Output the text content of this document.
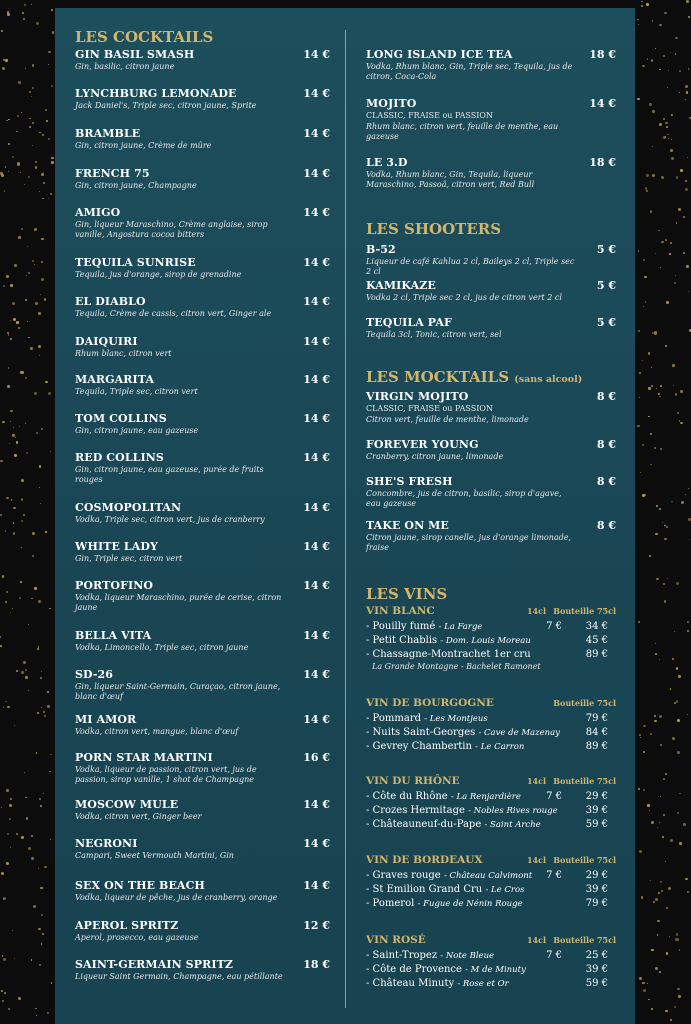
LES COCKTAILS
GIN BASIL SMASH	14 €
Gin, basilic, citron jaune
LYNCHBURG LEMONADE	14 €
Jack Daniel's, Triple sec, citron jaune, Sprite
BRAMBLE	14 €
Gin, citron jaune, Crème de mûre
FRENCH 75	14 €
Gin, citron jaune, Champagne
AMIGO	14 €
Gin, liqueur Maraschino, Crème anglaise, sirop vanille, Angostura cocoa bitters
TEQUILA SUNRISE	14 €
Tequila, jus d'orange, sirop de grenadine
EL DIABLO	14 €
Tequila, Crème de cassis, citron vert, Ginger ale
DAIQUIRI	14 €
Rhum blanc, citron vert
MARGARITA	14 €
Tequila, Triple sec, citron vert
TOM COLLINS	14 €
Gin, citron jaune, eau gazeuse
RED COLLINS	14 €
Gin, citron jaune, eau gazeuse, purée de fruits rouges
COSMOPOLITAN	14 €
Vodka, Triple sec, citron vert, jus de cranberry
WHITE LADY	14 €
Gin, Triple sec, citron vert
PORTOFINO	14 €
Vodka, liqueur Maraschino, purée de cerise, citron jaune
BELLA VITA	14 €
Vodka, Limoncello, Triple sec, citron jaune
SD-26	14 €
Gin, liqueur Saint-Germain, Curaçao, citron jaune, blanc d'œuf
MI AMOR	14 €
Vodka, citron vert, mangue, blanc d'œuf
PORN STAR MARTINI	16 €
Vodka, liqueur de passion, citron vert, jus de passion, sirop vanille, 1 shot de Champagne
MOSCOW MULE	14 €
Vodka, citron vert, Ginger beer
NEGRONI	14 €
Campari, Sweet Vermouth Martini, Gin
SEX ON THE BEACH	14 €
Vodka, liqueur de pêche, jus de cranberry, orange
APEROL SPRITZ	12 €
Aperol, prosecco, eau gazeuse
SAINT-GERMAIN SPRITZ	18 €
Liqueur Saint Germain, Champagne, eau pétillante
LONG ISLAND ICE TEA	18 €
Vodka, Rhum blanc, Gin, Triple sec, Tequila, jus de citron, Coca-Cola
MOJITO	14 €
CLASSIC, FRAISE ou PASSION
Rhum blanc, citron vert, feuille de menthe, eau gazeuse
LE 3.D	18 €
Vodka, Rhum blanc, Gin, Tequila, liqueur Maraschino, Passoã, citron vert, Red Bull
LES SHOOTERS
B-52	5 €
Liqueur de café Kahlua 2 cl, Baileys 2 cl, Triple sec 2 cl
KAMIKAZE	5 €
Vodka 2 cl, Triple sec 2 cl, jus de citron vert 2 cl
TEQUILA PAF	5 €
Tequila 3cl, Tonic, citron vert, sel
LES MOCKTAILS (sans alcool)
VIRGIN MOJITO	8 €
CLASSIC, FRAISE ou PASSION
Citron vert, feuille de menthe, limonade
FOREVER YOUNG	8 €
Cranberry, citron jaune, limonade
SHE'S FRESH	8 €
Concombre, jus de citron, basilic, sirop d'agave, eau gazeuse
TAKE ON ME	8 €
Citron jaune, sirop canelle, jus d'orange limonade, fraise
LES VINS
VIN BLANC	14cl Bouteille 75cl
- Pouilly fumé - La Farge	7 € 34 €
- Petit Chablis - Dom. Louis Moreau	45 €
- Chassagne-Montrachet 1er cru	89 €
La Grande Montagne - Bachelet Ramonet
VIN DE BOURGOGNE	Bouteille 75cl
- Pommard - Les Montjeus	79 €
- Nuits Saint-Georges - Cave de Mazenay	84 €
- Gevrey Chambertin - Le Carron	89 €
VIN DU RHÔNE	14cl Bouteille 75cl
- Côte du Rhône - La Renjardière	7 € 29 €
- Crozes Hermitage - Nobles Rives rouge	39 €
- Châteauneuf-du-Pape - Saint Arche	59 €
VIN DE BORDEAUX	14cl Bouteille 75cl
- Graves rouge - Château Calvimont 7 € 29 €
- St Emilion Grand Cru - Le Cros	39 €
- Pomerol - Fugue de Nénin Rouge	79 €
VIN ROSÉ	14cl Bouteille 75cl
- Saint-Tropez - Note Bleue	7 € 25 €
- Côte de Provence - M de Minuty	39 €
- Château Minuty - Rose et Or	59 €
